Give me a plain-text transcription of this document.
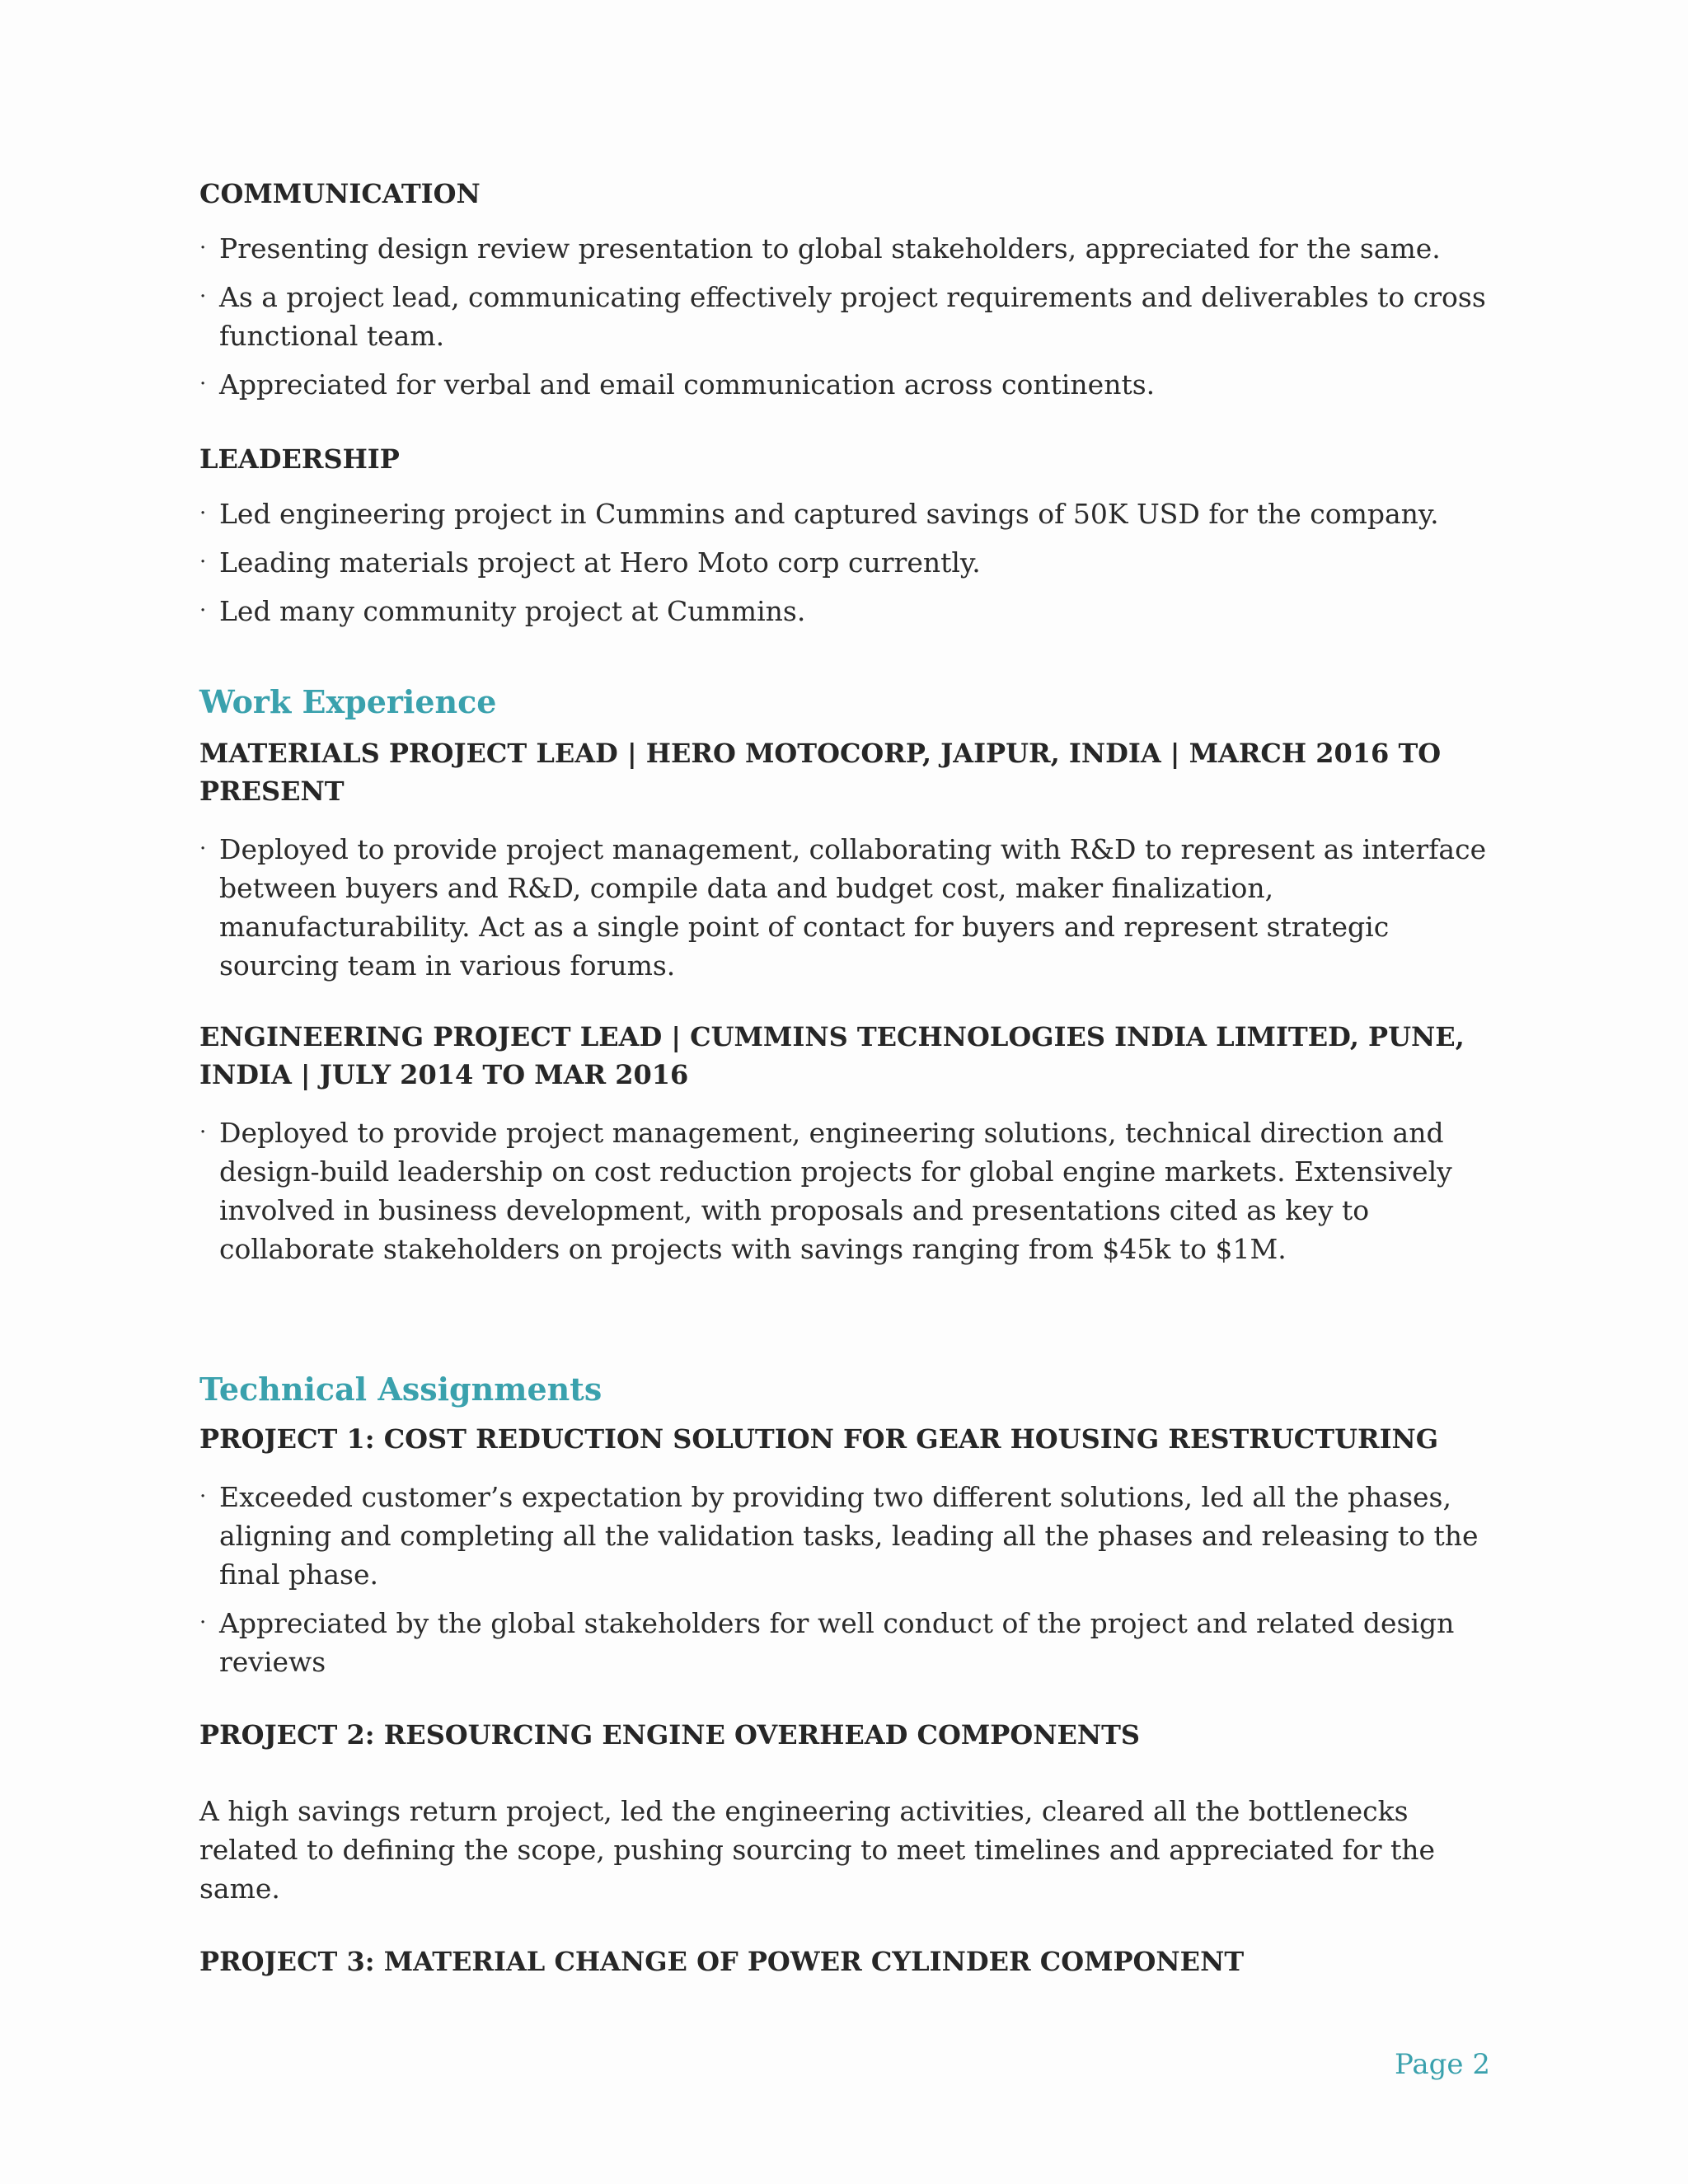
COMMUNICATION
· Presenting design review presentation to global stakeholders, appreciated for the same.
· As a project lead, communicating effectively project requirements and deliverables to cross functional team.
· Appreciated for verbal and email communication across continents.
LEADERSHIP
· Led engineering project in Cummins and captured savings of 50K USD for the company.
· Leading materials project at Hero Moto corp currently.
· Led many community project at Cummins.
Work Experience
MATERIALS PROJECT LEAD | HERO MOTOCORP, JAIPUR, INDIA | MARCH 2016 TO PRESENT
· Deployed to provide project management, collaborating with R&D to represent as interface between buyers and R&D, compile data and budget cost, maker finalization, manufacturability. Act as a single point of contact for buyers and represent strategic sourcing team in various forums.
ENGINEERING PROJECT LEAD | CUMMINS TECHNOLOGIES INDIA LIMITED, PUNE, INDIA | JULY 2014 TO MAR 2016
· Deployed to provide project management, engineering solutions, technical direction and design-build leadership on cost reduction projects for global engine markets. Extensively involved in business development, with proposals and presentations cited as key to collaborate stakeholders on projects with savings ranging from $45k to $1M.
Technical Assignments
PROJECT 1: COST REDUCTION SOLUTION FOR GEAR HOUSING RESTRUCTURING
· Exceeded customer’s expectation by providing two different solutions, led all the phases, aligning and completing all the validation tasks, leading all the phases and releasing to the final phase.
· Appreciated by the global stakeholders for well conduct of the project and related design reviews
PROJECT 2: RESOURCING ENGINE OVERHEAD COMPONENTS

A high savings return project, led the engineering activities, cleared all the bottlenecks related to defining the scope, pushing sourcing to meet timelines and appreciated for the same.

PROJECT 3: MATERIAL CHANGE OF POWER CYLINDER COMPONENT
Page 2
